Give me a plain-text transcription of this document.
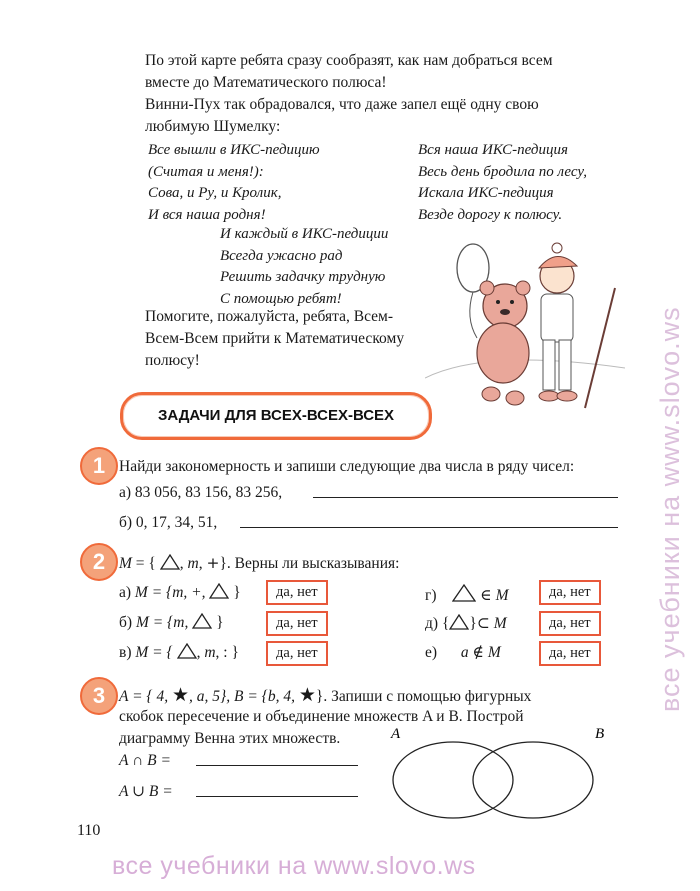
По этой карте ребята сразу сообразят, как нам добраться всем
вместе до Математического полюса!
Винни-Пух так обрадовался, что даже запел ещё одну свою
любимую Шумелку:
Все вышли в ИКС-педицию
(Считая и меня!):
Сова, и Ру, и Кролик,
И вся наша родня!
Вся наша ИКС-педиция
Весь день бродила по лесу,
Искала ИКС-педиция
Везде дорогу к полюсу.
И каждый в ИКС-педиции
Всегда ужасно рад
Решить задачку трудную
С помощью ребят!
Помогите, пожалуйста, ребята, Всем-
Всем-Всем прийти к Математическому
полюсу!
ЗАДАЧИ ДЛЯ ВСЕХ-ВСЕХ-ВСЕХ
1 Найди закономерность и запиши следующие два числа в ряду чисел:
а) 83 056, 83 156, 83 256,
б) 0, 17, 34, 51,
2 M = { , m, +}. Верны ли высказывания:
а) M = {m, +,  }	да, нет
б) M = {m,  }	да, нет
в) M = { , m, : }	да, нет
г)	∈ M	да, нет
д) { }⊂ M	да, нет
е) a ∉ M	да, нет
3 A = { 4, ★, a, 5}, B = {b, 4, ★}. Запиши с помощью фигурных
скобок пересечение и объединение множеств A и B. Построй
диаграмму Венна этих множеств.
A ∩ B =
A ∪ B =
A	B
110
все учебники на www.slovo.ws
все учебники на www.slovo.ws
